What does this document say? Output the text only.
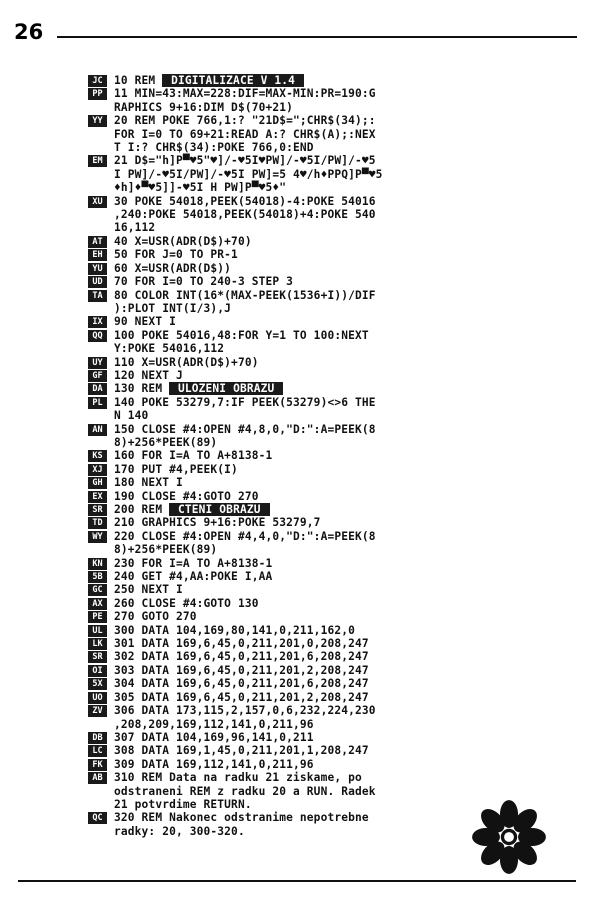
26
JC	10 REM  DIGITALIZACE V 1.4
PP	11 MIN=43:MAX=228:DIF=MAX-MIN:PR=190:G
RAPHICS 9+16:DIM D$(70+21)
YY	20 REM POKE 766,1:? "21D$=";CHR$(34);:
FOR I=0 TO 69+21:READ A:? CHR$(A);:NEX
T I:? CHR$(34):POKE 766,0:END
EM	21 D$="h]P▀♥5"♥]/-♥5I♥PW]/-♥5I/PW]/-♥5
I PW]/-♥5I/PW]/-♥5I PW]=5 4♥/h♦PPQ]P▀♥5
♦h]♦▀♥5]]-♥5I H PW]P▀♥5♦"
XU	30 POKE 54018,PEEK(54018)-4:POKE 54016
,240:POKE 54018,PEEK(54018)+4:POKE 540
16,112
AT	40 X=USR(ADR(D$)+70)
EH	50 FOR J=0 TO PR-1
YU	60 X=USR(ADR(D$))
UD	70 FOR I=0 TO 240-3 STEP 3
TA	80 COLOR INT(16*(MAX-PEEK(1536+I))/DIF
):PLOT INT(I/3),J
IX	90 NEXT I
QQ	100 POKE 54016,48:FOR Y=1 TO 100:NEXT
Y:POKE 54016,112
UY	110 X=USR(ADR(D$)+70)
GF	120 NEXT J
DA	130 REM  ULOZENI OBRAZU
PL	140 POKE 53279,7:IF PEEK(53279)<>6 THE
N 140
AN	150 CLOSE #4:OPEN #4,8,0,"D:":A=PEEK(8
8)+256*PEEK(89)
KS	160 FOR I=A TO A+8138-1
XJ	170 PUT #4,PEEK(I)
GH	180 NEXT I
EX	190 CLOSE #4:GOTO 270
SR	200 REM  CTENI OBRAZU
TD	210 GRAPHICS 9+16:POKE 53279,7
WY	220 CLOSE #4:OPEN #4,4,0,"D:":A=PEEK(8
8)+256*PEEK(89)
KN	230 FOR I=A TO A+8138-1
5B	240 GET #4,AA:POKE I,AA
GC	250 NEXT I
AX	260 CLOSE #4:GOTO 130
PE	270 GOTO 270
UL	300 DATA 104,169,80,141,0,211,162,0
LK	301 DATA 169,6,45,0,211,201,0,208,247
SR	302 DATA 169,6,45,0,211,201,6,208,247
OI	303 DATA 169,6,45,0,211,201,2,208,247
5X	304 DATA 169,6,45,0,211,201,6,208,247
UO	305 DATA 169,6,45,0,211,201,2,208,247
ZV	306 DATA 173,115,2,157,0,6,232,224,230
,208,209,169,112,141,0,211,96
DB	307 DATA 104,169,96,141,0,211
LC	308 DATA 169,1,45,0,211,201,1,208,247
FK	309 DATA 169,112,141,0,211,96
AB	310 REM Data na radku 21 ziskame, po
odstraneni REM z radku 20 a RUN. Radek
21 potvrdime RETURN.
QC	320 REM Nakonec odstranime nepotrebne
radky: 20, 300-320.
